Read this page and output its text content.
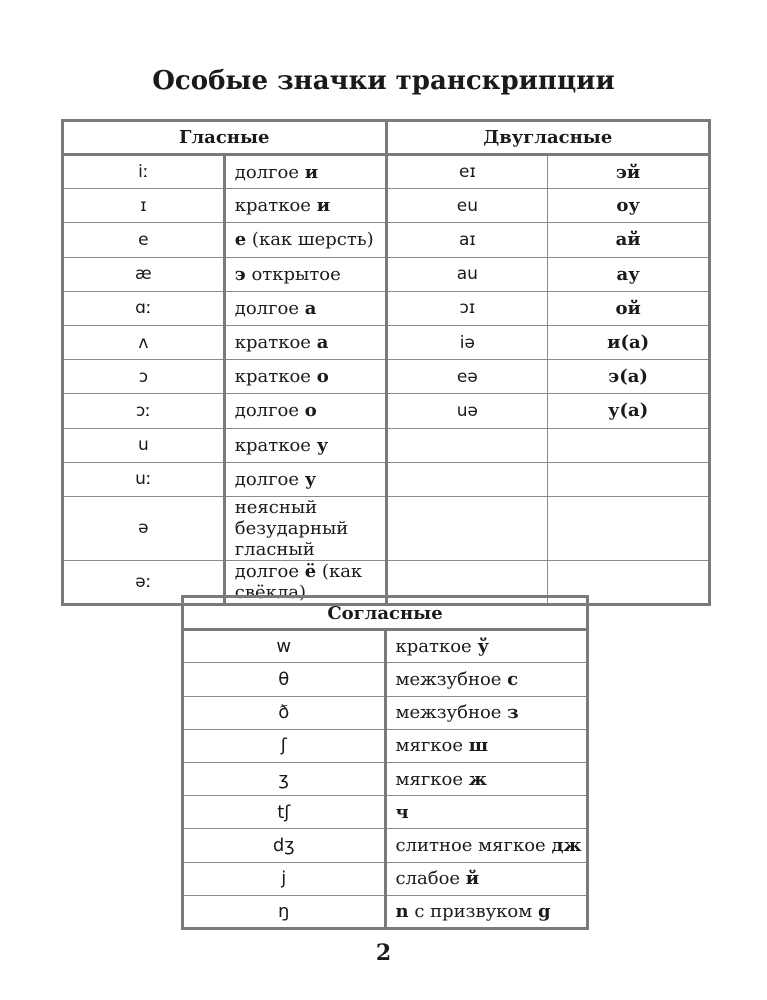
Особые значки транскрипции
Гласные		Двугласные	
iː	долгое и	eɪ	эй
ɪ	краткое и	eu	оу
e	е (как шерсть)	aɪ	ай
æ	э открытое	au	ау
ɑː	долгое а	ɔɪ	ой
ʌ	краткое а	iə	и(а)
ɔ	краткое о	eə	э(а)
ɔː	долгое о	uə	у(а)
u	краткое у		
uː	долгое у		
ə	неясный безударный гласный		
əː	долгое ё (как свёкла)		
Согласные	
w	краткое ў
θ	межзубное с
ð	межзубное з
ʃ	мягкое ш
ʒ	мягкое ж
tʃ	ч
dʒ	слитное мягкое дж
j	слабое й
ŋ	n с призвуком g
2
